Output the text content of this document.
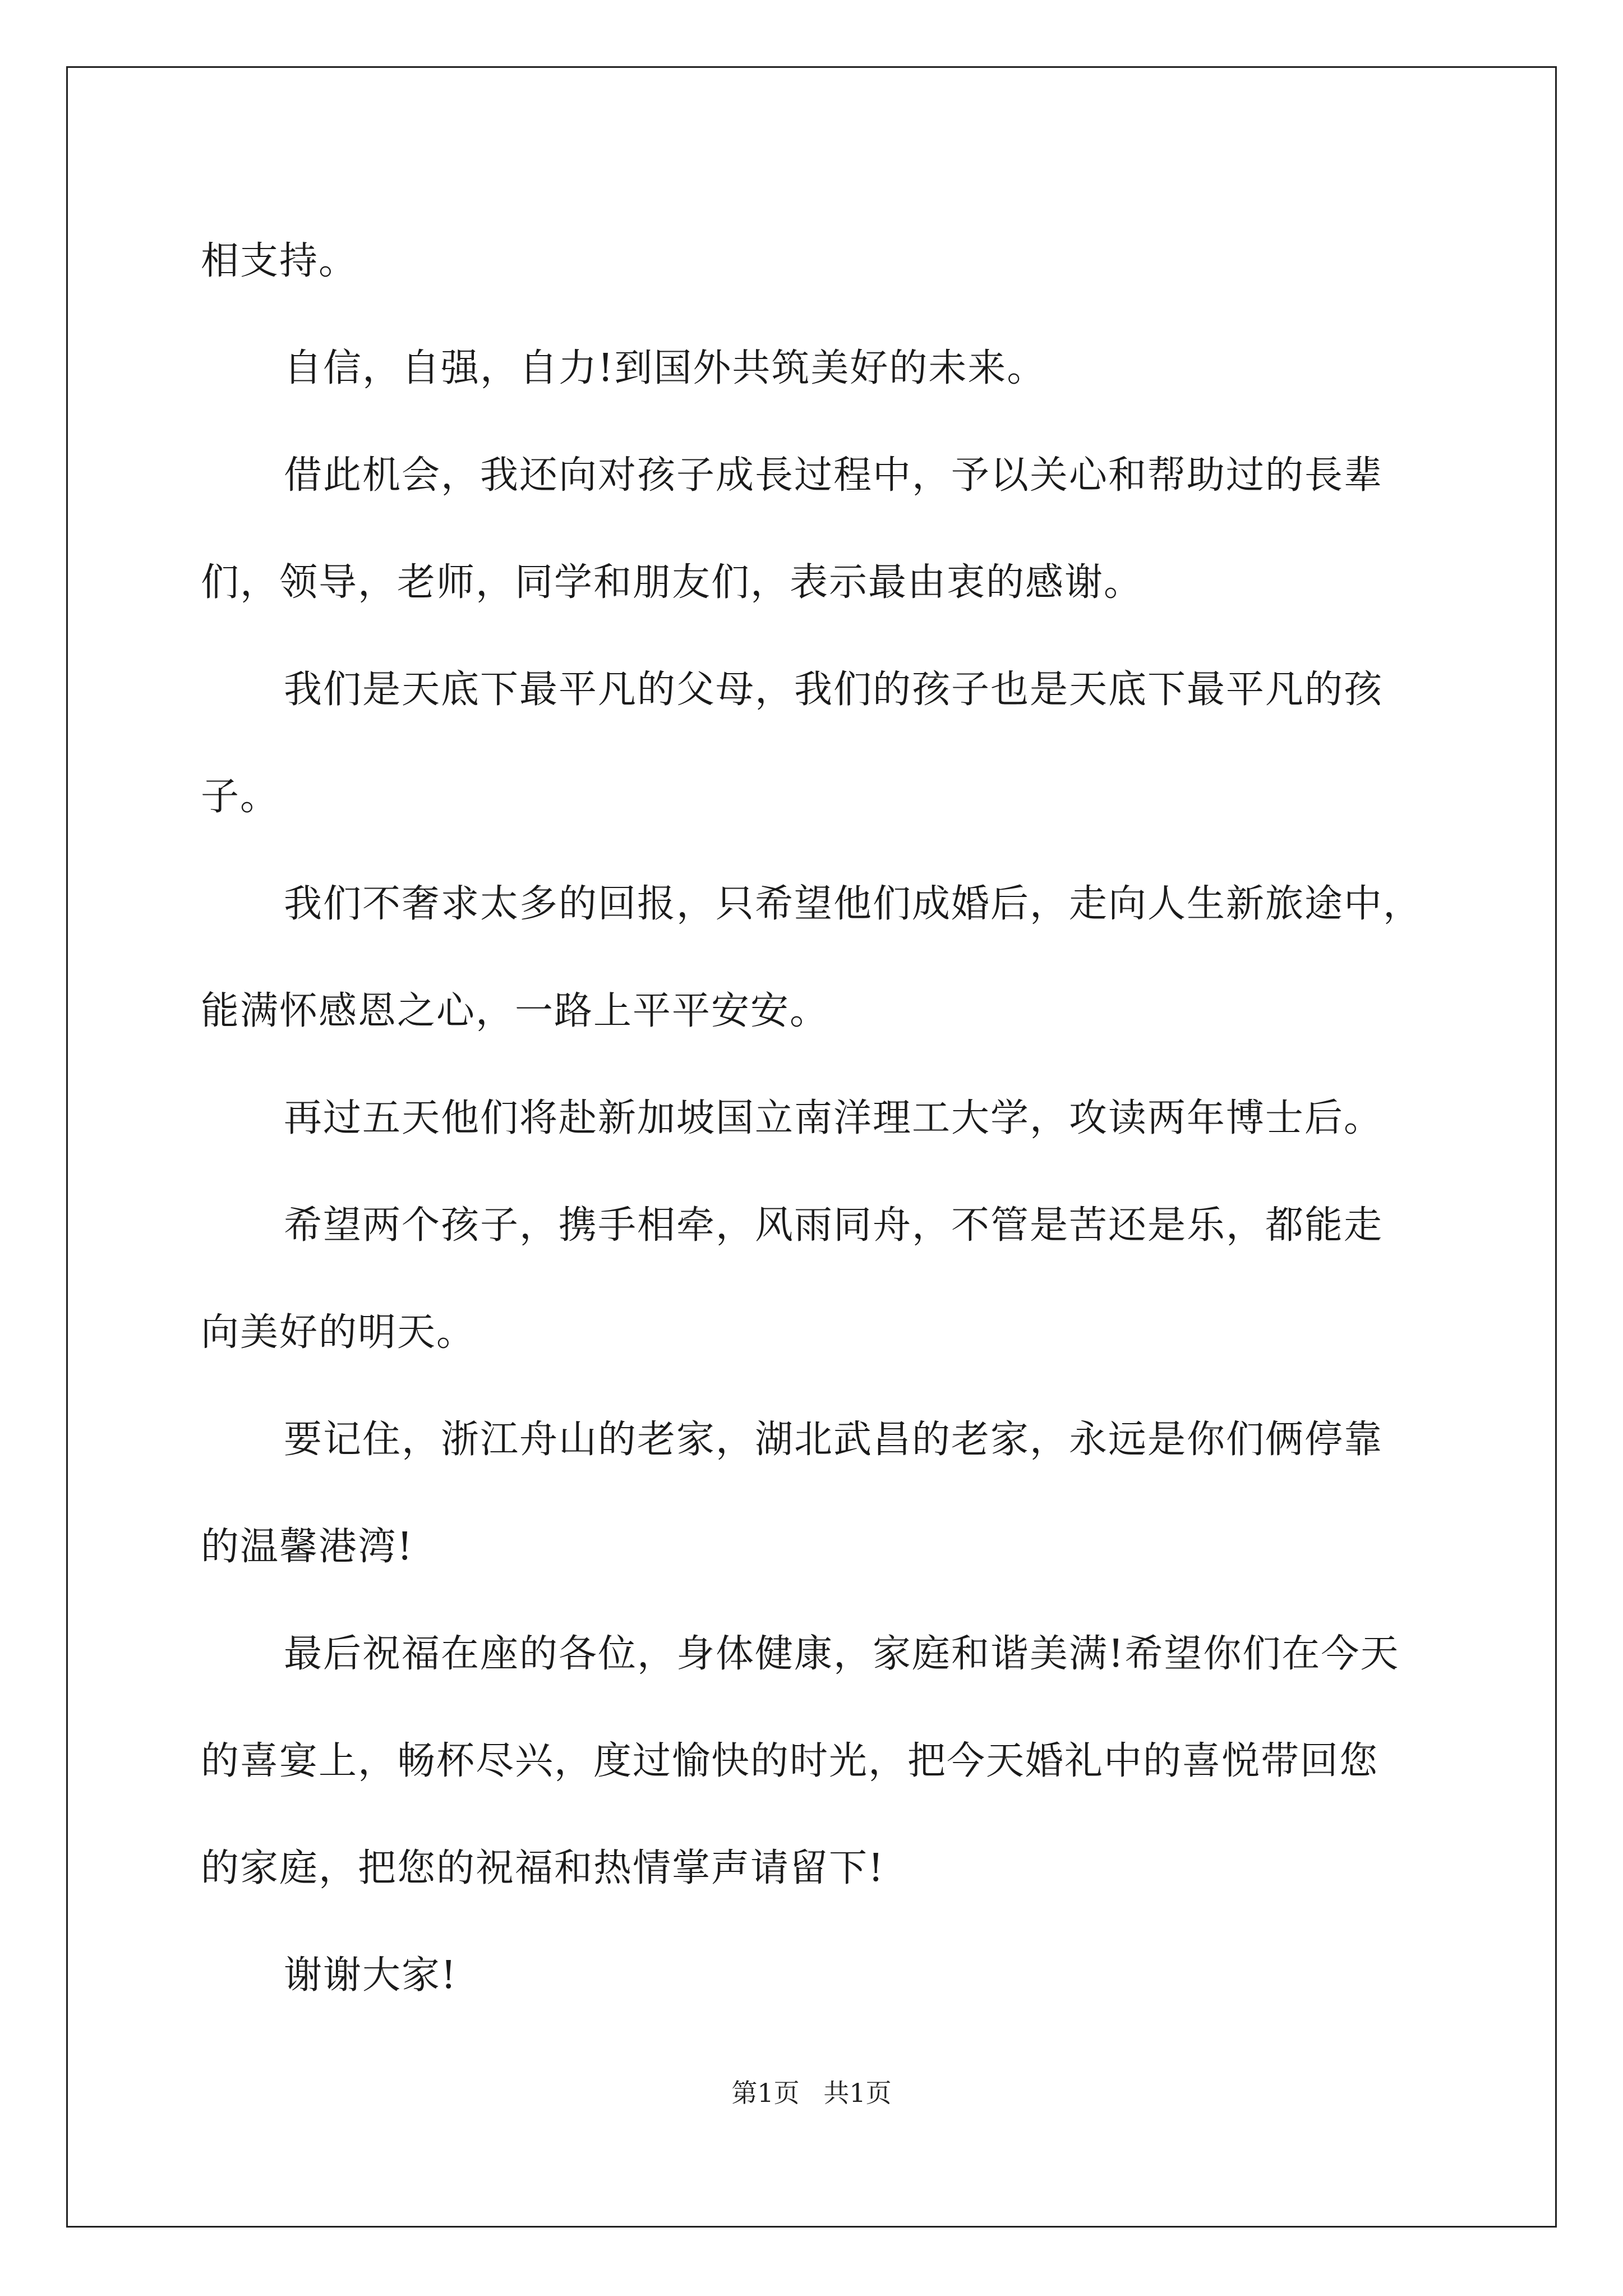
相支持。

自信，自强，自力!到国外共筑美好的未来。

借此机会，我还向对孩子成長过程中，予以关心和帮助过的長辈

们，领导，老师，同学和朋友们，表示最由衷的感谢。

我们是天底下最平凡的父母，我们的孩子也是天底下最平凡的孩

子。

我们不奢求太多的回报，只希望他们成婚后，走向人生新旅途中，

能满怀感恩之心，一路上平平安安。

再过五天他们将赴新加坡国立南洋理工大学，攻读两年博士后。

希望两个孩子，携手相牵，风雨同舟，不管是苦还是乐，都能走

向美好的明天。

要记住，浙江舟山的老家，湖北武昌的老家，永远是你们俩停靠

的温馨港湾!

最后祝福在座的各位，身体健康，家庭和谐美满!希望你们在今天

的喜宴上，畅杯尽兴，度过愉快的时光，把今天婚礼中的喜悦带回您

的家庭，把您的祝福和热情掌声请留下!

谢谢大家!

第1页 共1页
